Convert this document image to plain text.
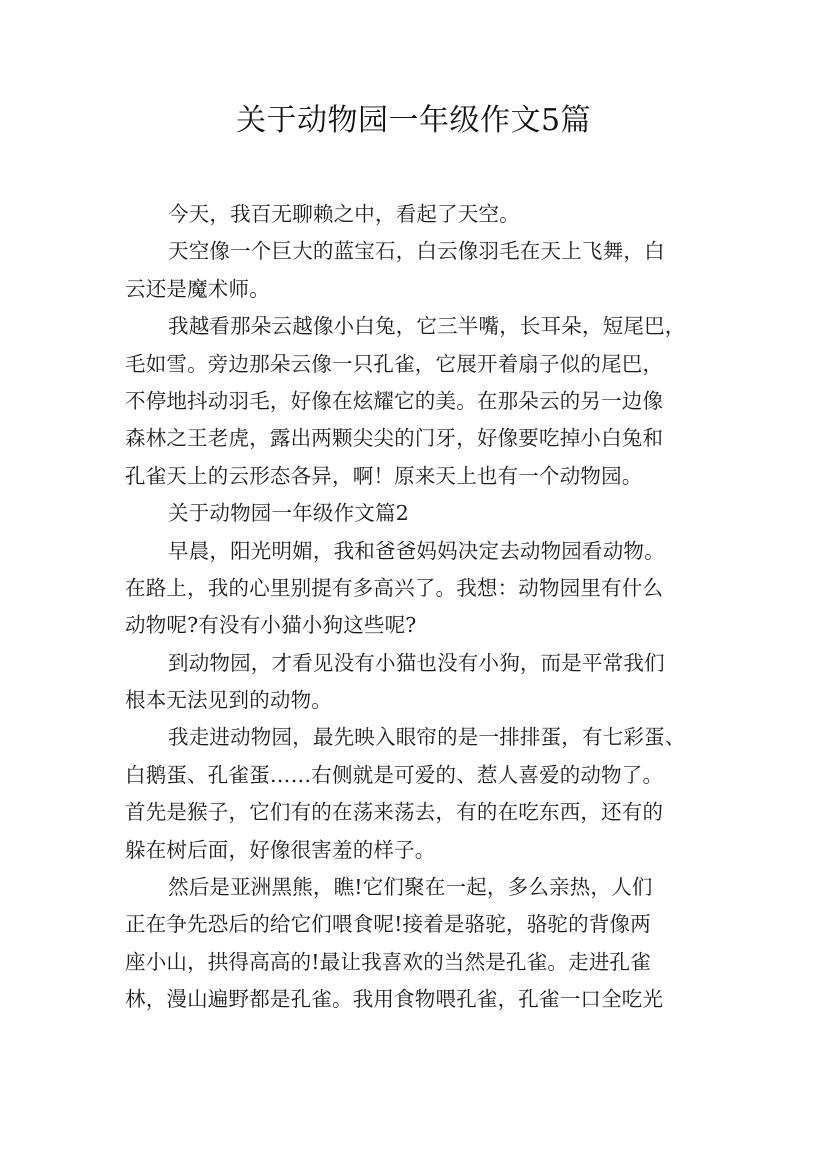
关于动物园一年级作文5篇
今天，我百无聊赖之中，看起了天空。
天空像一个巨大的蓝宝石，白云像羽毛在天上飞舞，白
云还是魔术师。
我越看那朵云越像小白兔，它三半嘴，长耳朵，短尾巴，
毛如雪。旁边那朵云像一只孔雀，它展开着扇子似的尾巴，
不停地抖动羽毛，好像在炫耀它的美。在那朵云的另一边像
森林之王老虎，露出两颗尖尖的门牙，好像要吃掉小白兔和
孔雀天上的云形态各异，啊！原来天上也有一个动物园。
关于动物园一年级作文篇2
早晨，阳光明媚，我和爸爸妈妈决定去动物园看动物。
在路上，我的心里别提有多高兴了。我想：动物园里有什么
动物呢?有没有小猫小狗这些呢?
到动物园，才看见没有小猫也没有小狗，而是平常我们
根本无法见到的动物。
我走进动物园，最先映入眼帘的是一排排蛋，有七彩蛋、
白鹅蛋、孔雀蛋……右侧就是可爱的、惹人喜爱的动物了。
首先是猴子，它们有的在荡来荡去，有的在吃东西，还有的
躲在树后面，好像很害羞的样子。
然后是亚洲黑熊，瞧!它们聚在一起，多么亲热，人们
正在争先恐后的给它们喂食呢!接着是骆驼，骆驼的背像两
座小山，拱得高高的!最让我喜欢的当然是孔雀。走进孔雀
林，漫山遍野都是孔雀。我用食物喂孔雀，孔雀一口全吃光
